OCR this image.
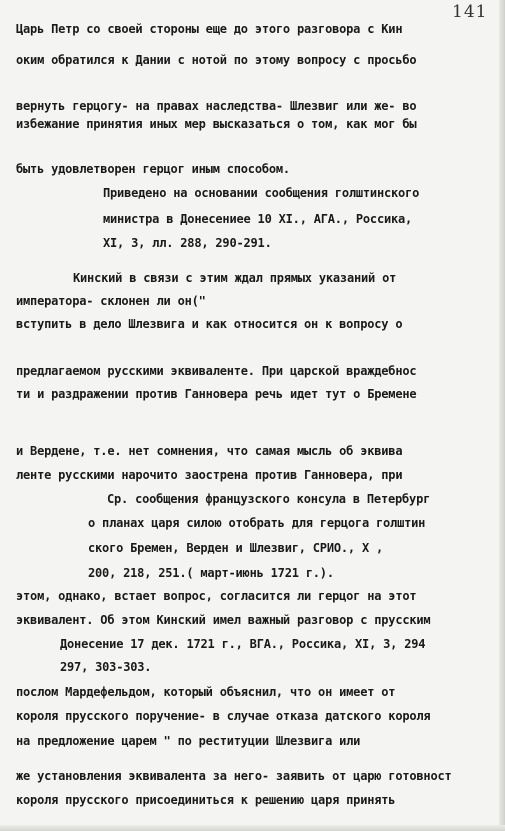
141
Царь Петр со своей стороны еще до этого разговора с Кин
оким обратился к Дании с нотой по этому вопросу с просьбо
вернуть герцогу- на правах наследства- Шлезвиг или же- во
избежание принятия иных мер высказаться о том, как мог бы
быть удовлетворен герцог иным способом.
Приведено на основании сообщения голштинского
министра в Донесениее 10 XI., АГА., Россика,
XI, 3, лл. 288, 290-291.
Кинский в связи с этим ждал прямых указаний от
императора- склонен ли он("
вступить в дело Шлезвига и как относится он к вопросу о
предлагаемом русскими эквиваленте. При царской враждебнос
ти и раздражении против Ганновера речь идет тут о Бремене
и Вердене, т.е. нет сомнения, что самая мысль об эквива
ленте русскими нарочито заострена против Ганновера, при
Ср. сообщения французского консула в Петербург
о планах царя силою отобрать для герцога голштин
ского Бремен, Верден и Шлезвиг, СРИО., Х ,
200, 218, 251.( март-июнь 1721 г.).
этом, однако, встает вопрос, согласится ли герцог на этот
эквивалент. Об этом Кинский имел важный разговор с прусским
Донесение 17 дек. 1721 г., ВГА., Россика, XI, 3, 294
297, 303-303.
послом Мардефельдом, который объяснил, что он имеет от
короля прусского поручение- в случае отказа датского короля
на предложение царем " по реституции Шлезвига или
же установления эквивалента за него- заявить от царю готовност
короля прусского присоединиться к решению царя принять
